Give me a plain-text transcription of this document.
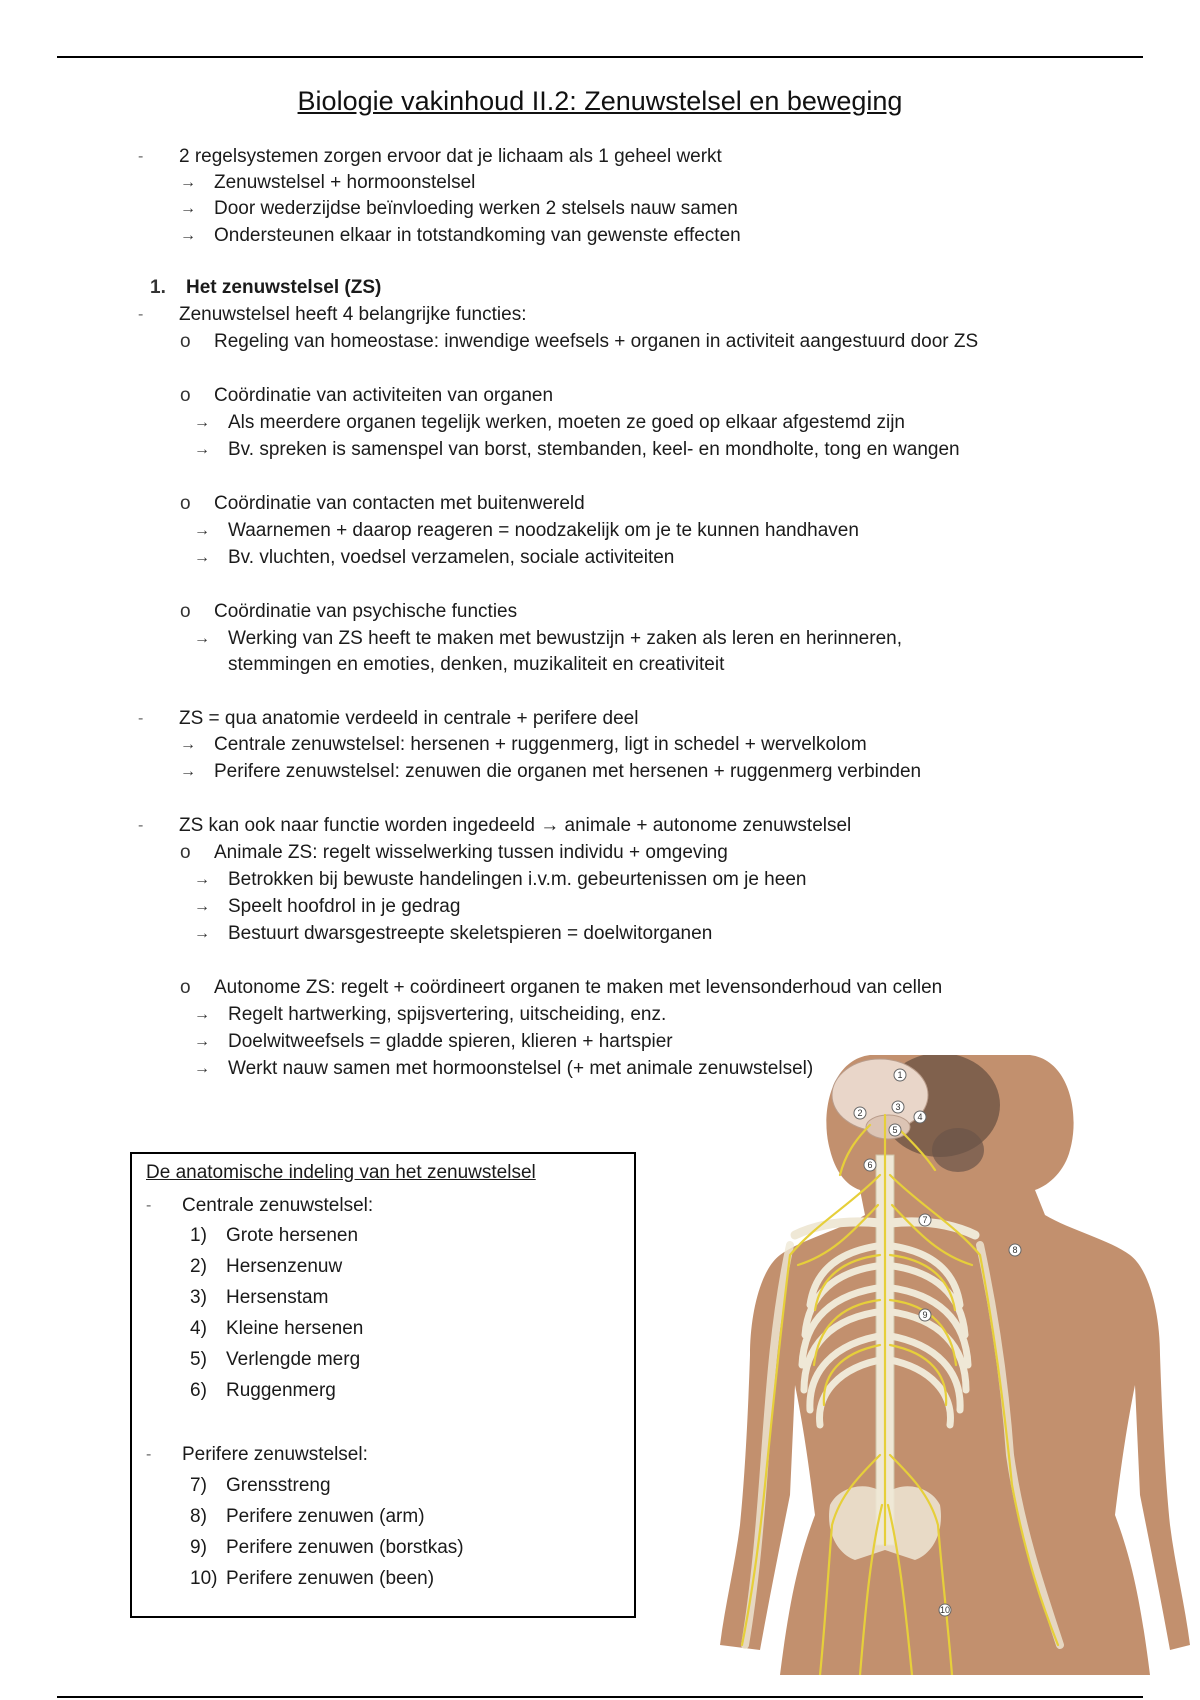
Biologie vakinhoud II.2: Zenuwstelsel en beweging
- 2 regelsystemen zorgen ervoor dat je lichaam als 1 geheel werkt
→ Zenuwstelsel + hormoonstelsel
→ Door wederzijdse beïnvloeding werken 2 stelsels nauw samen
→ Ondersteunen elkaar in totstandkoming van gewenste effecten
1. Het zenuwstelsel (ZS)
- Zenuwstelsel heeft 4 belangrijke functies:
o Regeling van homeostase: inwendige weefsels + organen in activiteit aangestuurd door ZS
o Coördinatie van activiteiten van organen
→ Als meerdere organen tegelijk werken, moeten ze goed op elkaar afgestemd zijn
→ Bv. spreken is samenspel van borst, stembanden, keel- en mondholte, tong en wangen
o Coördinatie van contacten met buitenwereld
→ Waarnemen + daarop reageren = noodzakelijk om je te kunnen handhaven
→ Bv. vluchten, voedsel verzamelen, sociale activiteiten
o Coördinatie van psychische functies
→ Werking van ZS heeft te maken met bewustzijn + zaken als leren en herinneren,
stemmingen en emoties, denken, muzikaliteit en creativiteit
- ZS = qua anatomie verdeeld in centrale + perifere deel
→ Centrale zenuwstelsel: hersenen + ruggenmerg, ligt in schedel + wervelkolom
→ Perifere zenuwstelsel: zenuwen die organen met hersenen + ruggenmerg verbinden
- ZS kan ook naar functie worden ingedeeld → animale + autonome zenuwstelsel
o Animale ZS: regelt wisselwerking tussen individu + omgeving
→ Betrokken bij bewuste handelingen i.v.m. gebeurtenissen om je heen
→ Speelt hoofdrol in je gedrag
→ Bestuurt dwarsgestreepte skeletspieren = doelwitorganen
o Autonome ZS: regelt + coördineert organen te maken met levensonderhoud van cellen
→ Regelt hartwerking, spijsvertering, uitscheiding, enz.
→ Doelwitweefsels = gladde spieren, klieren + hartspier
→ Werkt nauw samen met hormoonstelsel (+ met animale zenuwstelsel)
De anatomische indeling van het zenuwstelsel
- Centrale zenuwstelsel:
1) Grote hersenen
2) Hersenzenuw
3) Hersenstam
4) Kleine hersenen
5) Verlengde merg
6) Ruggenmerg
- Perifere zenuwstelsel:
7) Grensstreng
8) Perifere zenuwen (arm)
9) Perifere zenuwen (borstkas)
10) Perifere zenuwen (been)
1
2
3
4
5
6
7
8
9
10
